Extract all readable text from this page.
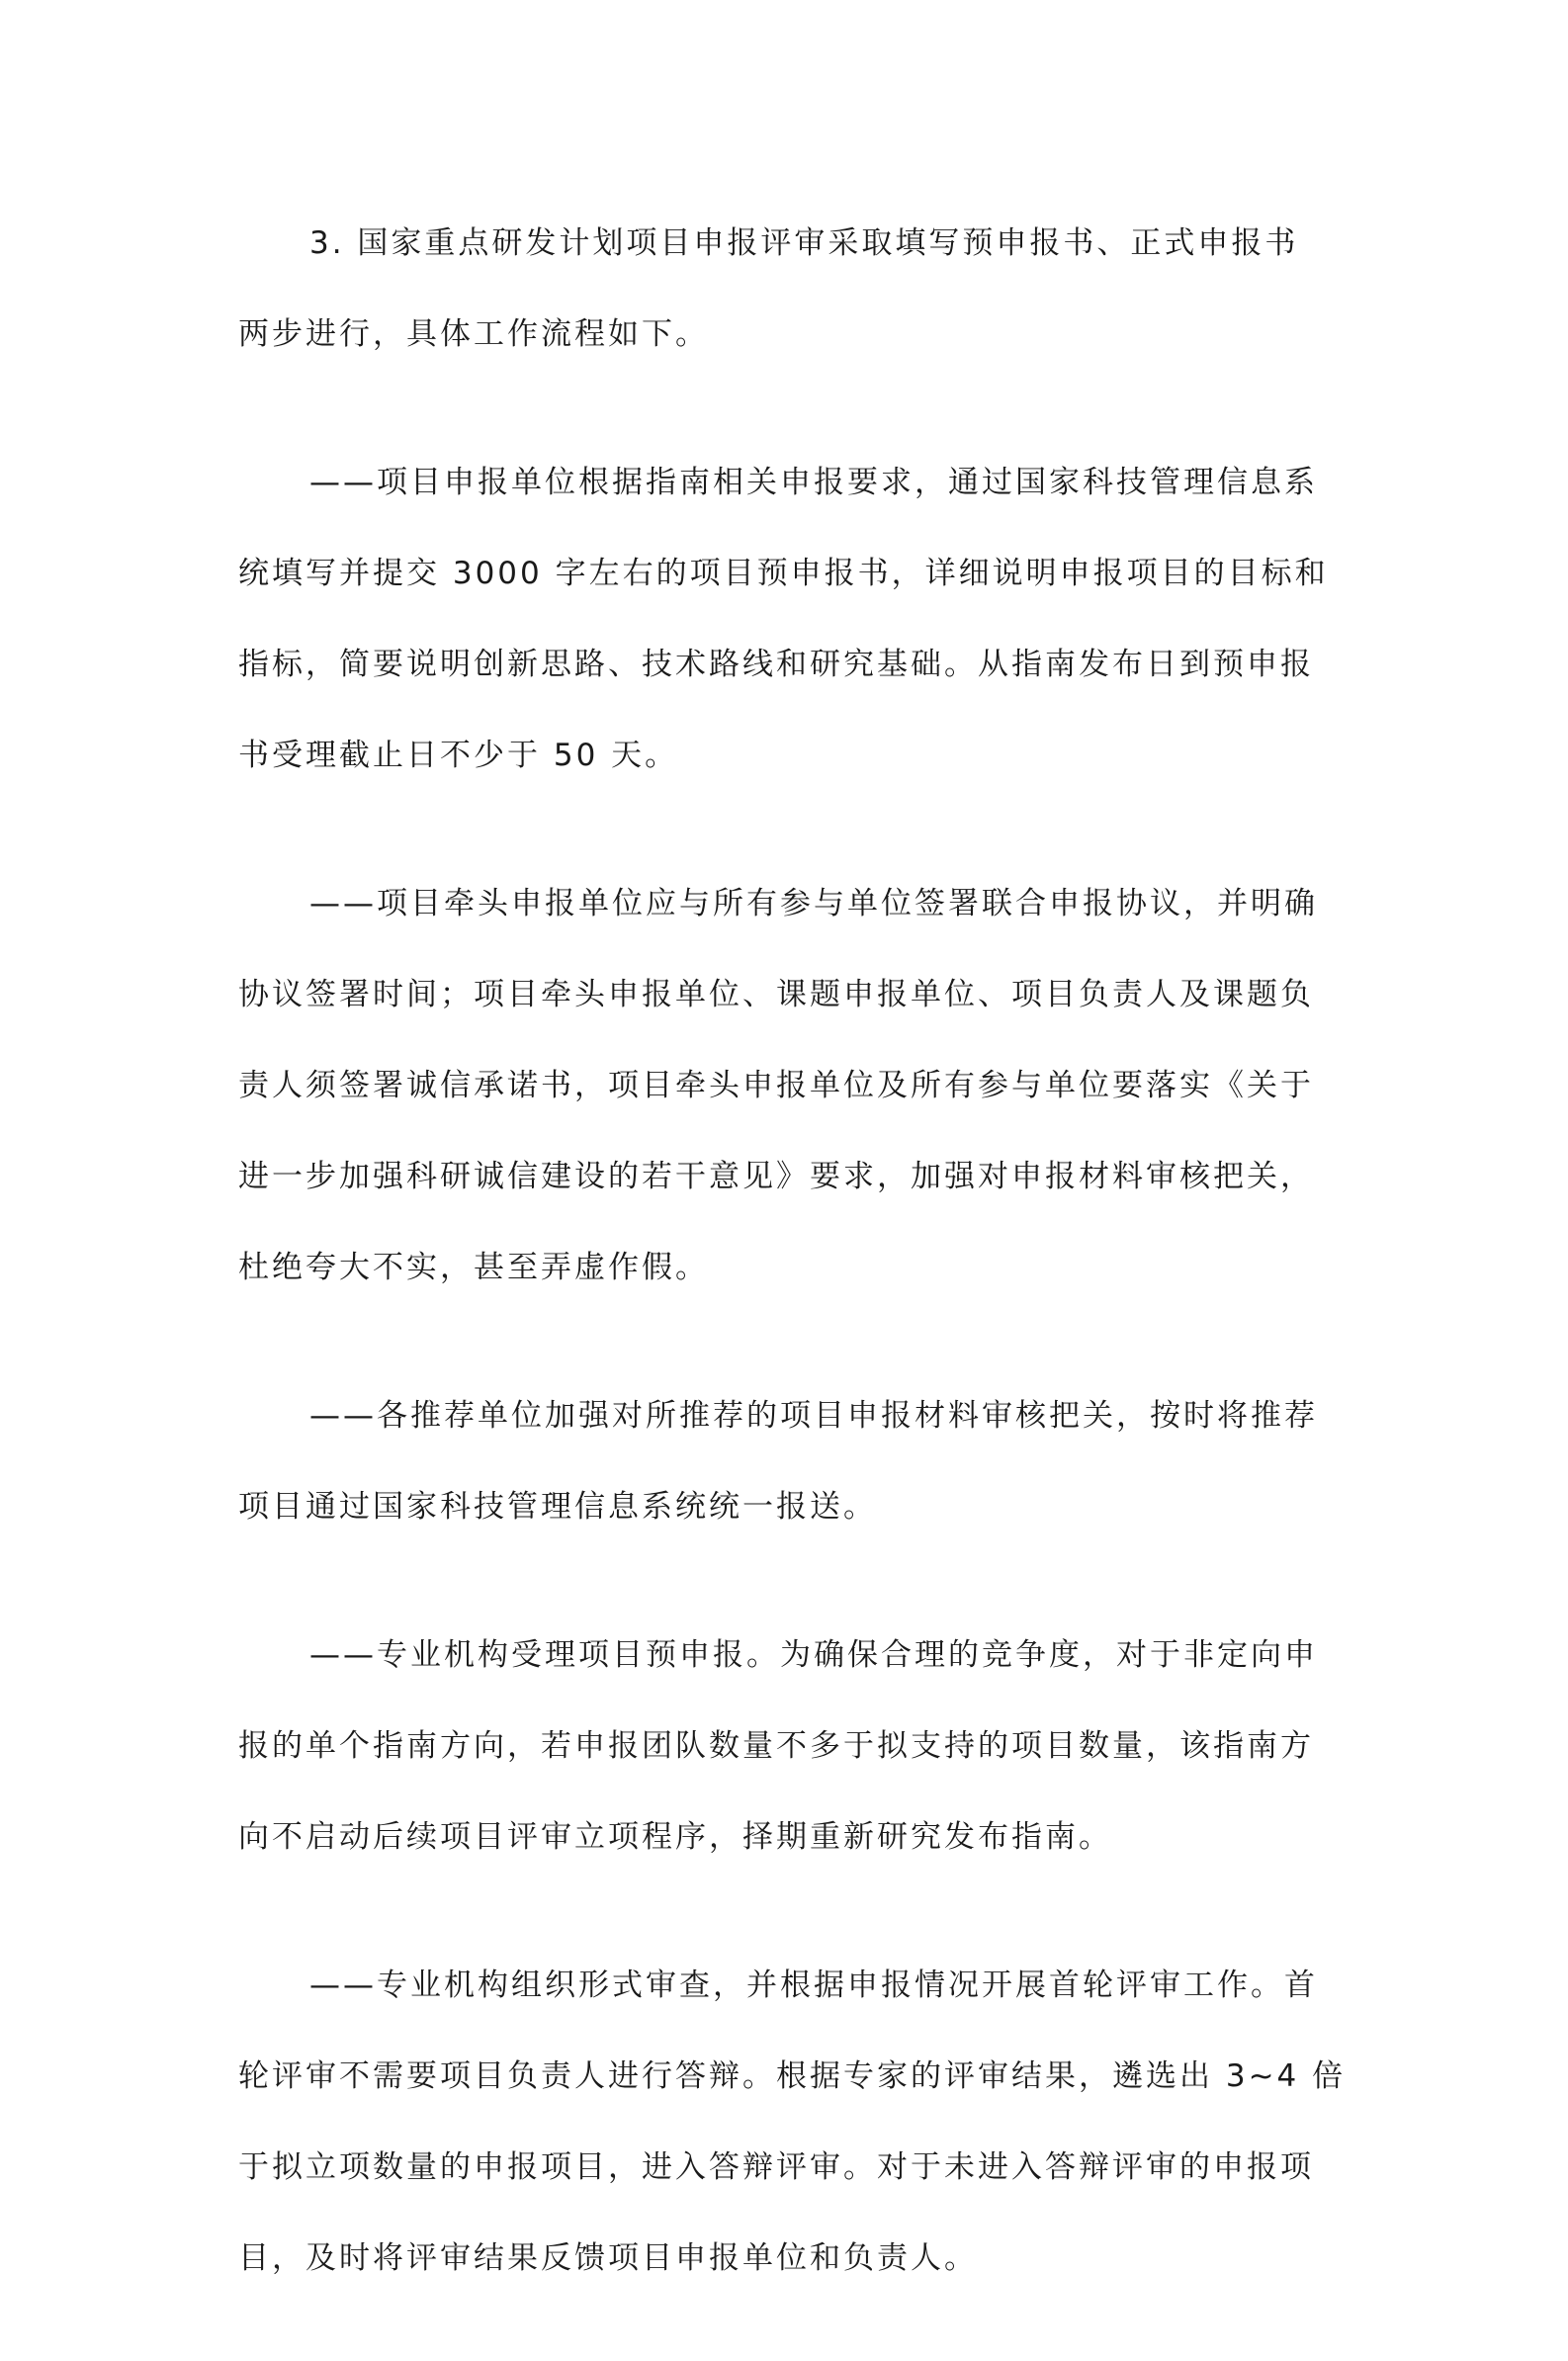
3. 国家重点研发计划项目申报评审采取填写预申报书、正式申报书
两步进行，具体工作流程如下。
——项目申报单位根据指南相关申报要求，通过国家科技管理信息系
统填写并提交 3000 字左右的项目预申报书，详细说明申报项目的目标和
指标，简要说明创新思路、技术路线和研究基础。从指南发布日到预申报
书受理截止日不少于 50 天。
——项目牵头申报单位应与所有参与单位签署联合申报协议，并明确
协议签署时间；项目牵头申报单位、课题申报单位、项目负责人及课题负
责人须签署诚信承诺书，项目牵头申报单位及所有参与单位要落实《关于
进一步加强科研诚信建设的若干意见》要求，加强对申报材料审核把关，
杜绝夸大不实，甚至弄虚作假。
——各推荐单位加强对所推荐的项目申报材料审核把关，按时将推荐
项目通过国家科技管理信息系统统一报送。
——专业机构受理项目预申报。为确保合理的竞争度，对于非定向申
报的单个指南方向，若申报团队数量不多于拟支持的项目数量，该指南方
向不启动后续项目评审立项程序，择期重新研究发布指南。
——专业机构组织形式审查，并根据申报情况开展首轮评审工作。首
轮评审不需要项目负责人进行答辩。根据专家的评审结果，遴选出 3~4 倍
于拟立项数量的申报项目，进入答辩评审。对于未进入答辩评审的申报项
目，及时将评审结果反馈项目申报单位和负责人。
